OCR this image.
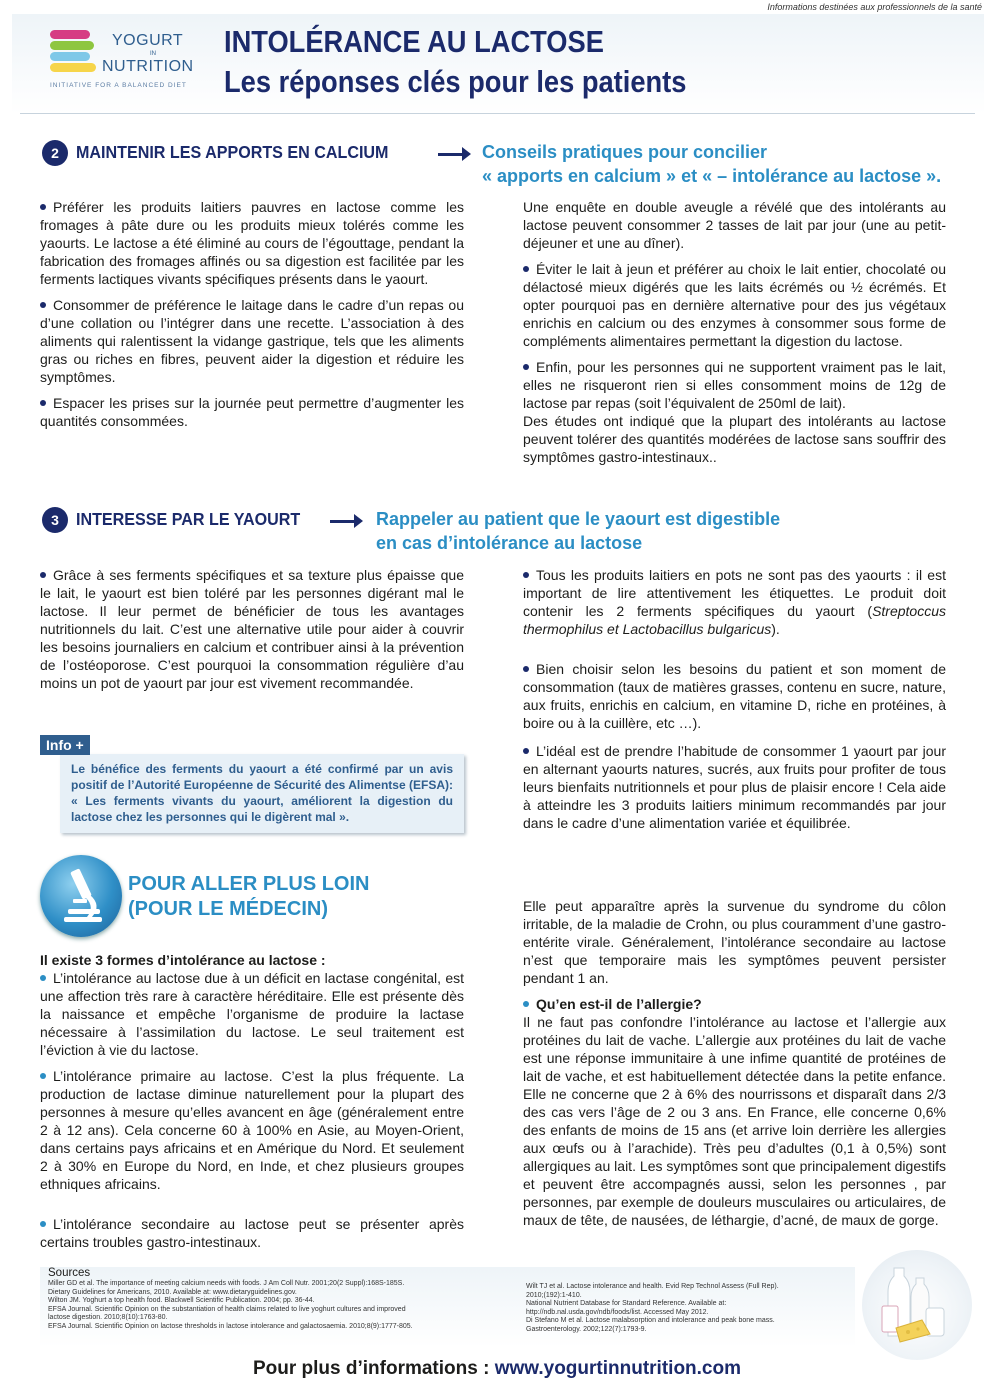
Informations destinées aux professionnels de la santé
YOGURT
IN
NUTRITION
INITIATIVE FOR A BALANCED DIET
INTOLÉRANCE AU LACTOSE
Les réponses clés pour les patients
2 MAINTENIR LES APPORTS EN CALCIUM	Conseils pratiques pour concilier
« apports en calcium » et « – intolérance au lactose ».

Préférer les produits laitiers pauvres en lactose comme les fromages à pâte dure ou les produits mieux tolérés comme les yaourts. Le lactose a été éliminé au cours de l’égouttage, pendant la fabrication des fromages affinés ou sa digestion est facilitée par les ferments lactiques vivants spécifiques présents dans le yaourt.

Consommer de préférence le laitage dans le cadre d’un repas ou d’une collation ou l’intégrer dans une recette. L’association à des aliments qui ralentissent la vidange gastrique, tels que les aliments gras ou riches en fibres, peuvent aider la digestion et réduire les symptômes.

Espacer les prises sur la journée peut permettre d’augmenter les quantités consommées.

Une enquête en double aveugle a révélé que des intolérants au lactose peuvent consommer 2 tasses de lait par jour (une au petit-déjeuner et une au dîner).

Éviter le lait à jeun et préférer au choix le lait entier, chocolaté ou délactosé mieux digérés que les laits écrémés ou ½ écrémés. Et opter pourquoi pas en dernière alternative pour des jus végétaux enrichis en calcium ou des enzymes à consommer sous forme de compléments alimentaires permettant la digestion du lactose.

Enfin, pour les personnes qui ne supportent vraiment pas le lait, elles ne risqueront rien si elles consomment moins de 12g de lactose par repas (soit l’équivalent de 250ml de lait).

Des études ont indiqué que la plupart des intolérants au lactose peuvent tolérer des quantités modérées de lactose sans souffrir des symptômes gastro-intestinaux..

3 INTERESSE PAR LE YAOURT	Rappeler au patient que le yaourt est digestible
en cas d’intolérance au lactose

Grâce à ses ferments spécifiques et sa texture plus épaisse que le lait, le yaourt est bien toléré par les personnes digérant mal le lactose. Il leur permet de bénéficier de tous les avantages nutritionnels du lait. C’est une alternative utile pour aider à couvrir les besoins journaliers en calcium et contribuer ainsi à la prévention de l’ostéoporose. C’est pourquoi la consommation régulière d’au moins un pot de yaourt par jour est vivement recommandée.

Le bénéfice des ferments du yaourt a été confirmé par un avis positif de l’Autorité Européenne de Sécurité des Alimentse (EFSA): « Les ferments vivants du yaourt, améliorent la digestion du lactose chez les personnes qui le digèrent mal ».
Info +

Tous les produits laitiers en pots ne sont pas des yaourts : il est important de lire attentivement les étiquettes. Le produit doit contenir les 2 ferments spécifiques du yaourt (Streptoccus thermophilus et Lactobacillus bulgaricus).

Bien choisir selon les besoins du patient et son moment de consommation (taux de matières grasses, contenu en sucre, nature, aux fruits, enrichis en calcium, en vitamine D, riche en protéines, à boire ou à la cuillère, etc …).

L’idéal est de prendre l’habitude de consommer 1 yaourt par jour en alternant yaourts natures, sucrés, aux fruits pour profiter de tous leurs bienfaits nutritionnels et pour plus de plaisir encore ! Cela aide à atteindre les 3 produits laitiers minimum recommandés par jour dans le cadre d’une alimentation variée et équilibrée.

POUR ALLER PLUS LOIN
(POUR LE MÉDECIN)
Il existe 3 formes d’intolérance au lactose :

L’intolérance au lactose due à un déficit en lactase congénital, est une affection très rare à caractère héréditaire. Elle est présente dès la naissance et empêche l’organisme de produire la lactase nécessaire à l’assimilation du lactose. Le seul traitement est l’éviction à vie du lactose.

L’intolérance primaire au lactose. C’est la plus fréquente. La production de lactase diminue naturellement pour la plupart des personnes à mesure qu’elles avancent en âge (généralement entre 2 à 12 ans). Cela concerne 60 à 100% en Asie, au Moyen-Orient, dans certains pays africains et en Amérique du Nord. Et seulement 2 à 30% en Europe du Nord, en Inde, et chez plusieurs groupes ethniques africains.

L’intolérance secondaire au lactose peut se présenter après certains troubles gastro-intestinaux.

Elle peut apparaître après la survenue du syndrome du côlon irritable, de la maladie de Crohn, ou plus couramment d’une gastro-entérite virale. Généralement, l’intolérance secondaire au lactose n’est que temporaire mais les symptômes peuvent persister pendant 1 an.

Qu’en est-il de l’allergie?
Il ne faut pas confondre l’intolérance au lactose et l’allergie aux protéines du lait de vache. L’allergie aux protéines du lait de vache est une réponse immunitaire à une infime quantité de protéines de lait de vache, et est habituellement détectée dans la petite enfance. Elle ne concerne que 2 à 6% des nourrissons et disparaît dans 2/3 des cas vers l’âge de 2 ou 3 ans. En France, elle concerne 0,6% des enfants de moins de 15 ans (et arrive loin derrière les allergies aux œufs ou à l’arachide). Très peu d’adultes (0,1 à 0,5%) sont allergiques au lait. Les symptômes sont que principalement digestifs et peuvent être accompagnés aussi, selon les personnes , par personnes, par exemple de douleurs musculaires ou articulaires, de maux de tête, de nausées, de léthargie, d’acné, de maux de gorge.
Sources
Miller GD et al. The importance of meeting calcium needs with foods. J Am Coll Nutr. 2001;20(2 Suppl):168S-185S.
Dietary Guidelines for Americans, 2010. Available at: www.dietaryguidelines.gov.
Wilton JM. Yoghurt a top health food. Blackwell Scientific Publication. 2004; pp. 36-44.
EFSA Journal. Scientific Opinion on the substantiation of health claims related to live yoghurt cultures and improved
lactose digestion. 2010;8(10):1763-80.
EFSA Journal. Scientific Opinion on lactose thresholds in lactose intolerance and galactosaemia. 2010;8(9):1777-805.
Wilt TJ et al. Lactose intolerance and health. Evid Rep Technol Assess (Full Rep).
2010;(192):1-410.
National Nutrient Database for Standard Reference. Available at:
http://ndb.nal.usda.gov/ndb/foods/list. Accessed May 2012.
Di Stefano M et al. Lactose malabsorption and intolerance and peak bone mass.
Gastroenterology. 2002;122(7):1793-9.
Pour plus d’informations : www.yogurtinnutrition.com
